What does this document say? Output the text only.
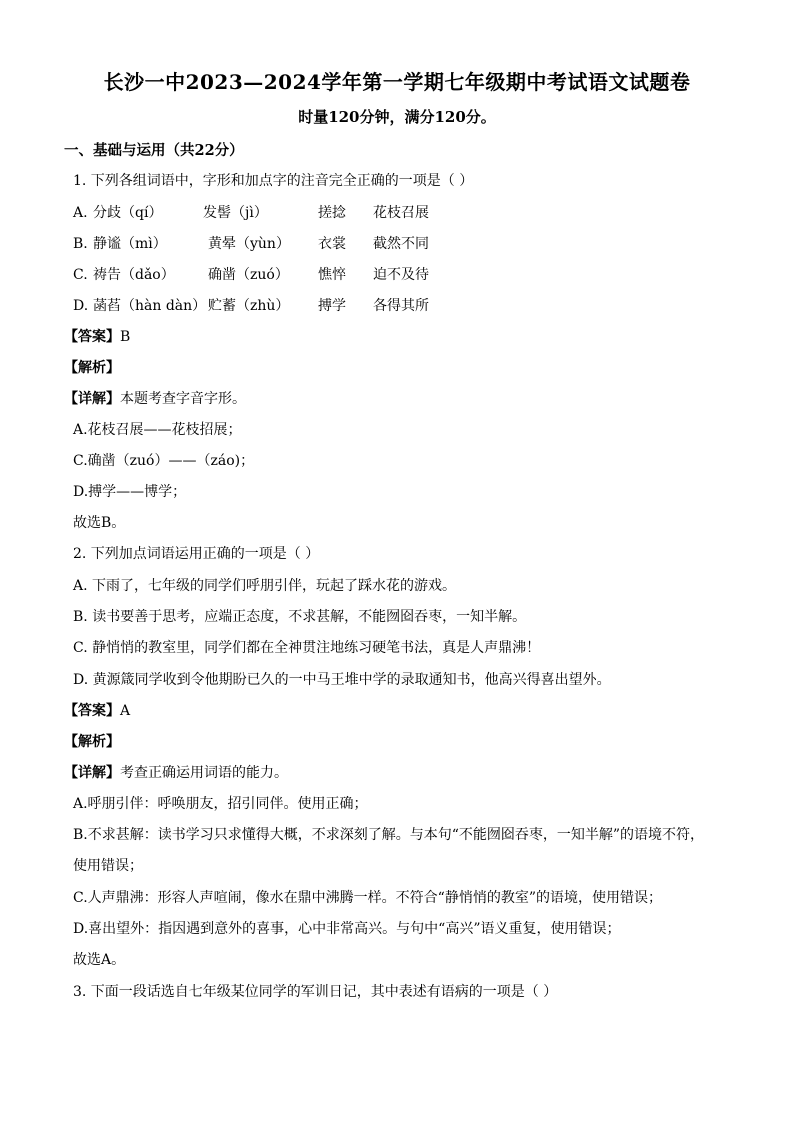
长沙一中2023—2024学年第一学期七年级期中考试语文试题卷
时量120分钟，满分120分。
一、基础与运用（共22分）
1. 下列各组词语中，字形和加点字的注音完全正确的一项是（ ）
A. 分歧（qí）	发髻（jì）	搓捻 花枝召展
B. 静谧（mì）	黄晕（yùn） 衣裳 截然不同
C. 祷告（dǎo） 确凿（zuó） 憔悴 迫不及待
D. 菡萏（hàn dàn） 贮蓄（zhù） 搏学 各得其所
【答案】B
【解析】
【详解】本题考查字音字形。
A.花枝召展——花枝招展；
C.确凿（zuó）——（záo)；
D.搏学——博学；
故选B。
2. 下列加点词语运用正确的一项是（ ）
A. 下雨了，七年级的同学们呼朋引伴，玩起了踩水花的游戏。
B. 读书要善于思考，应端正态度，不求甚解，不能囫囵吞枣，一知半解。
C. 静悄悄的教室里，同学们都在全神贯注地练习硬笔书法，真是人声鼎沸！
D. 黄源箴同学收到令他期盼已久的一中马王堆中学的录取通知书，他高兴得喜出望外。
【答案】A
【解析】
【详解】考查正确运用词语的能力。
A.呼朋引伴：呼唤朋友，招引同伴。使用正确；
B.不求甚解：读书学习只求懂得大概，不求深刻了解。与本句“不能囫囵吞枣，一知半解”的语境不符，
使用错误；
C.人声鼎沸：形容人声喧闹，像水在鼎中沸腾一样。不符合“静悄悄的教室”的语境，使用错误；
D.喜出望外：指因遇到意外的喜事，心中非常高兴。与句中“高兴”语义重复，使用错误；
故选A。
3. 下面一段话选自七年级某位同学的军训日记，其中表述有语病的一项是（ ）
